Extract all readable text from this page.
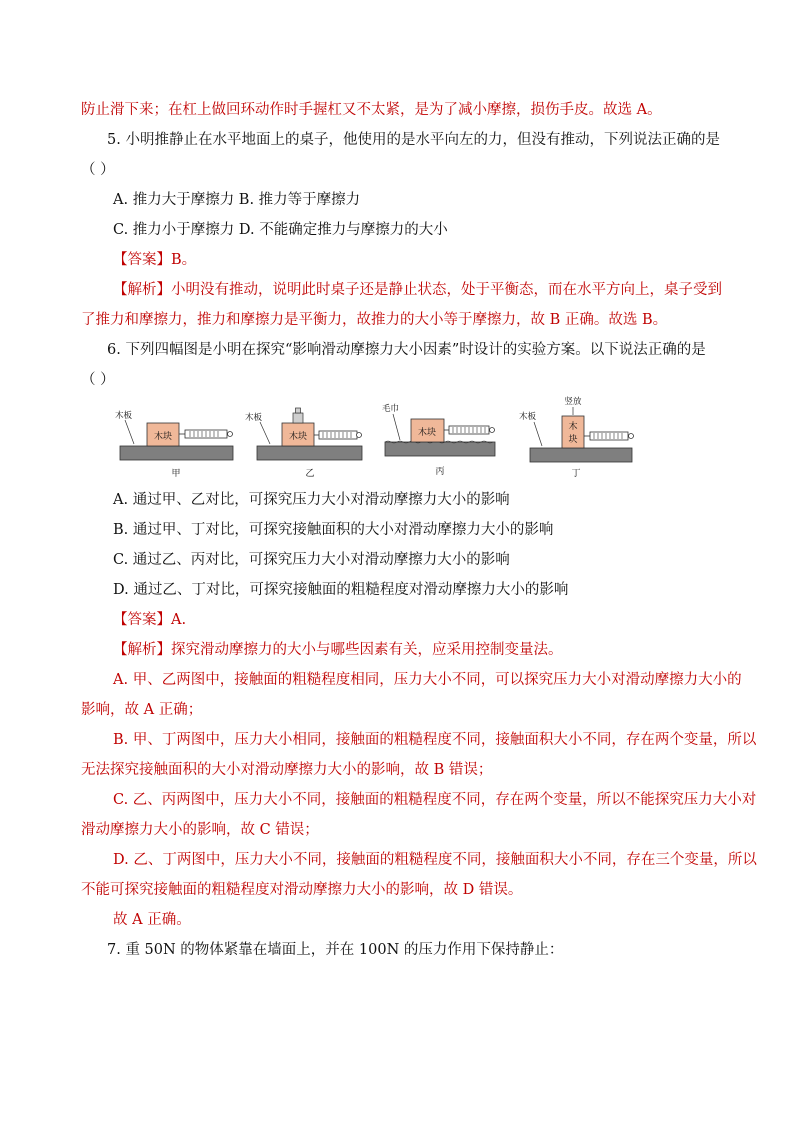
防止滑下来；在杠上做回环动作时手握杠又不太紧，是为了减小摩擦，损伤手皮。故选 A。
5. 小明推静止在水平地面上的桌子，他使用的是水平向左的力，但没有推动，下列说法正确的是
（ ）
A. 推力大于摩擦力 B. 推力等于摩擦力
C. 推力小于摩擦力 D. 不能确定推力与摩擦力的大小
【答案】B。
【解析】小明没有推动，说明此时桌子还是静止状态，处于平衡态，而在水平方向上，桌子受到
了推力和摩擦力，推力和摩擦力是平衡力，故推力的大小等于摩擦力，故 B 正确。故选 B。
6. 下列四幅图是小明在探究“影响滑动摩擦力大小因素”时设计的实验方案。以下说法正确的是
（ ）
木块
木板
甲
木块
木板
乙
木块
毛巾
丙
木
块
竖放
木板
丁
A. 通过甲、乙对比，可探究压力大小对滑动摩擦力大小的影响
B. 通过甲、丁对比，可探究接触面积的大小对滑动摩擦力大小的影响
C. 通过乙、丙对比，可探究压力大小对滑动摩擦力大小的影响
D. 通过乙、丁对比，可探究接触面的粗糙程度对滑动摩擦力大小的影响
【答案】A.
【解析】探究滑动摩擦力的大小与哪些因素有关，应采用控制变量法。
A. 甲、乙两图中，接触面的粗糙程度相同，压力大小不同，可以探究压力大小对滑动摩擦力大小的
影响，故 A 正确；
B. 甲、丁两图中，压力大小相同，接触面的粗糙程度不同，接触面积大小不同，存在两个变量，所以
无法探究接触面积的大小对滑动摩擦力大小的影响，故 B 错误；
C. 乙、丙两图中，压力大小不同，接触面的粗糙程度不同，存在两个变量，所以不能探究压力大小对
滑动摩擦力大小的影响，故 C 错误；
D. 乙、丁两图中，压力大小不同，接触面的粗糙程度不同，接触面积大小不同，存在三个变量，所以
不能可探究接触面的粗糙程度对滑动摩擦力大小的影响，故 D 错误。
故 A 正确。
7. 重 50N 的物体紧靠在墙面上，并在 100N 的压力作用下保持静止：
